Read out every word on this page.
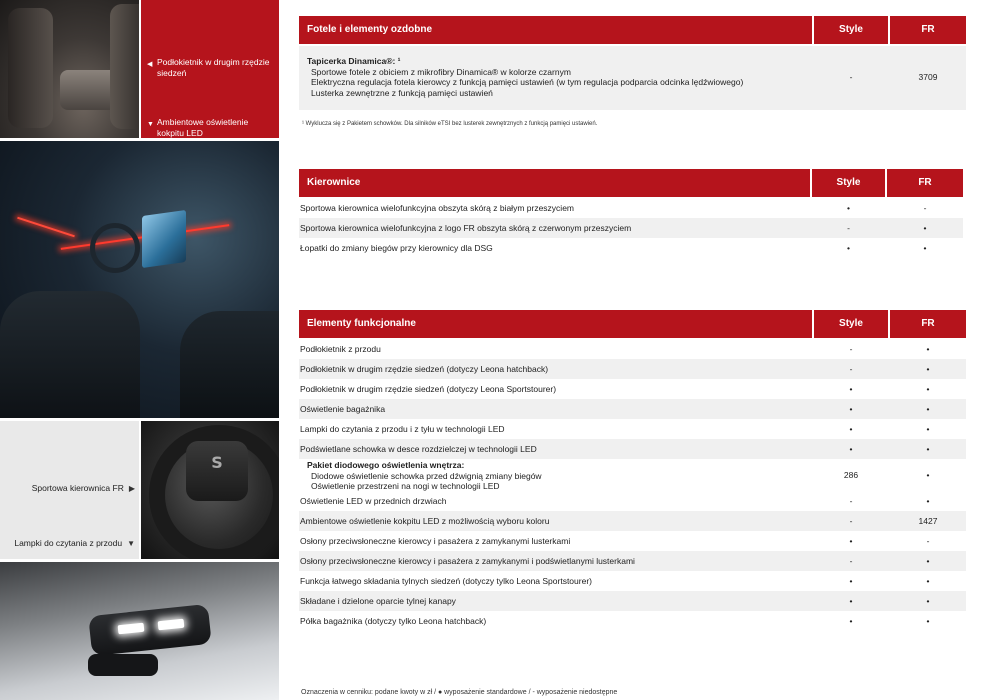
◀ Podłokietnik w drugim rzędzie siedzeń
▼ Ambientowe oświetlenie kokpitu LED
Sportowa kierownica FR ▶
Lampki do czytania z przodu ▼
S
Fotele i elementy ozdobne	Style	FR
Tapicerka Dinamica®: ¹
Sportowe fotele z obiciem z mikrofibry Dinamica® w kolorze czarnym
Elektryczna regulacja fotela kierowcy z funkcją pamięci ustawień (w tym regulacja podparcia odcinka lędźwiowego)
Lusterka zewnętrzne z funkcją pamięci ustawień
-	3709
¹ Wyklucza się z Pakietem schowków. Dla silników eTSI bez lusterek zewnętrznych z funkcją pamięci ustawień.
Kierownice	Style	FR
Sportowa kierownica wielofunkcyjna obszyta skórą z białym przeszyciem	•	-
Sportowa kierownica wielofunkcyjna z logo FR obszyta skórą z czerwonym przeszyciem	-	•
Łopatki do zmiany biegów przy kierownicy dla DSG	•	•
Elementy funkcjonalne	Style	FR
Podłokietnik z przodu	-	•
Podłokietnik w drugim rzędzie siedzeń (dotyczy Leona hatchback)	-	•
Podłokietnik w drugim rzędzie siedzeń (dotyczy Leona Sportstourer)	•	•
Oświetlenie bagażnika	•	•
Lampki do czytania z przodu i z tyłu w technologii LED	•	•
Podświetlane schowka w desce rozdzielczej w technologii LED	•	•
Pakiet diodowego oświetlenia wnętrza:
Diodowe oświetlenie schowka przed dźwignią zmiany biegów
Oświetlenie przestrzeni na nogi w technologii LED
286	•
Oświetlenie LED w przednich drzwiach	-	•
Ambientowe oświetlenie kokpitu LED z możliwością wyboru koloru	-	1427
Osłony przeciwsłoneczne kierowcy i pasażera z zamykanymi lusterkami	•	-
Osłony przeciwsłoneczne kierowcy i pasażera z zamykanymi i podświetlanymi lusterkami	-	•
Funkcja łatwego składania tylnych siedzeń (dotyczy tylko Leona Sportstourer)	•	•
Składane i dzielone oparcie tylnej kanapy	•	•
Półka bagażnika (dotyczy tylko Leona hatchback)	•	•
Oznaczenia w cenniku: podane kwoty w zł / ● wyposażenie standardowe / - wyposażenie niedostępne
